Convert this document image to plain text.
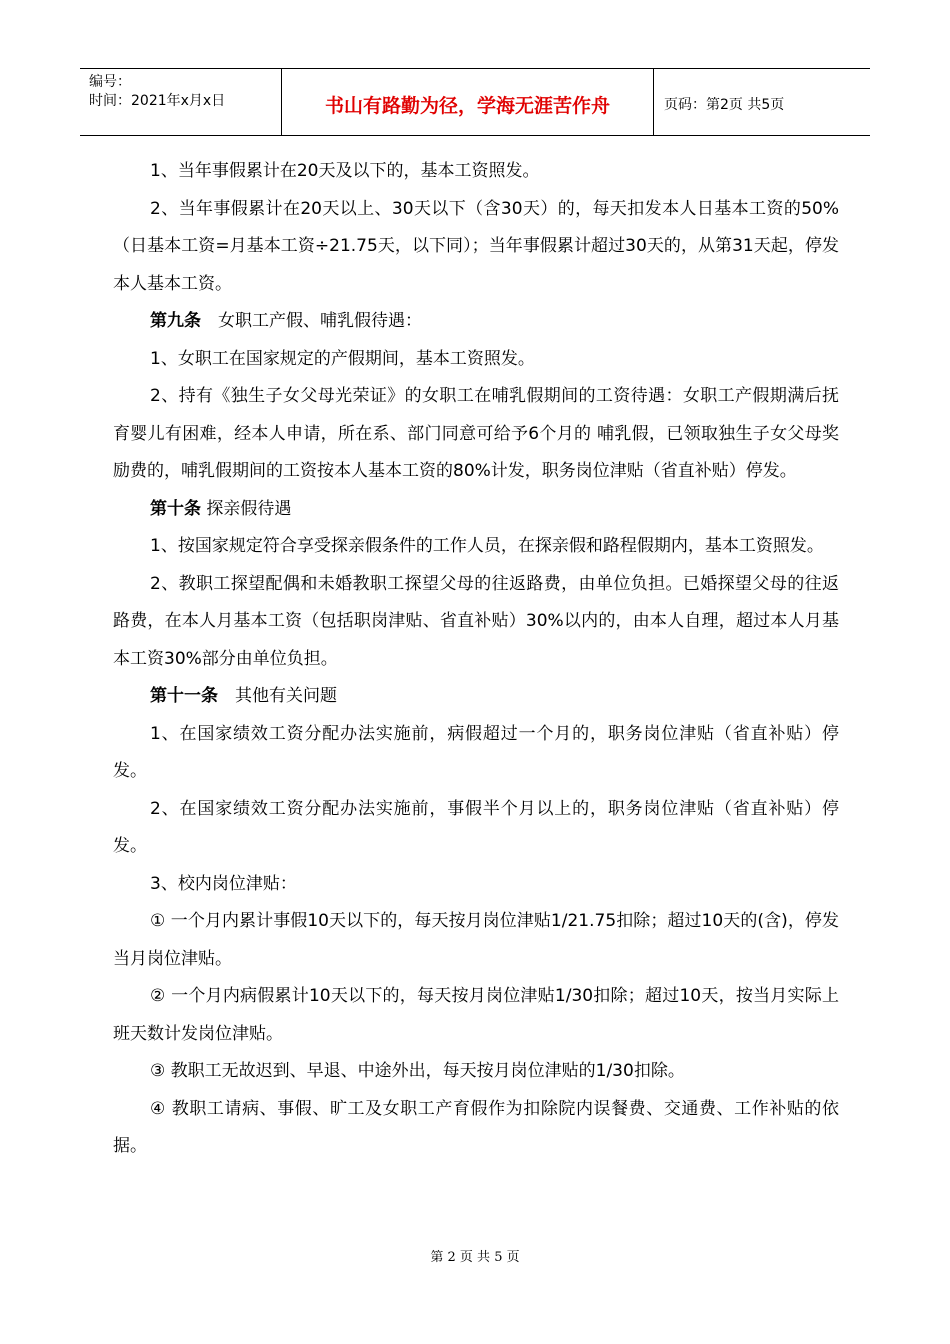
编号：
时间：2021年x月x日	书山有路勤为径，学海无涯苦作舟	页码：第2页 共5页

1、当年事假累计在20天及以下的，基本工资照发。

2、当年事假累计在20天以上、30天以下（含30天）的，每天扣发本人日基本工资的50%（日基本工资=月基本工资÷21.75天，以下同）；当年事假累计超过30天的，从第31天起，停发本人基本工资。

第九条　女职工产假、哺乳假待遇：

1、女职工在国家规定的产假期间，基本工资照发。

2、持有《独生子女父母光荣证》的女职工在哺乳假期间的工资待遇：女职工产假期满后抚育婴儿有困难，经本人申请，所在系、部门同意可给予6个月的 哺乳假，已领取独生子女父母奖励费的，哺乳假期间的工资按本人基本工资的80%计发，职务岗位津贴（省直补贴）停发。

第十条 探亲假待遇

1、按国家规定符合享受探亲假条件的工作人员，在探亲假和路程假期内，基本工资照发。

2、教职工探望配偶和未婚教职工探望父母的往返路费，由单位负担。已婚探望父母的往返路费，在本人月基本工资（包括职岗津贴、省直补贴）30%以内的，由本人自理，超过本人月基本工资30%部分由单位负担。

第十一条　其他有关问题

1、在国家绩效工资分配办法实施前，病假超过一个月的，职务岗位津贴（省直补贴）停发。

2、在国家绩效工资分配办法实施前，事假半个月以上的，职务岗位津贴（省直补贴）停发。

3、校内岗位津贴：

① 一个月内累计事假10天以下的，每天按月岗位津贴1/21.75扣除；超过10天的(含)，停发当月岗位津贴。

② 一个月内病假累计10天以下的，每天按月岗位津贴1/30扣除；超过10天，按当月实际上班天数计发岗位津贴。

③ 教职工无故迟到、早退、中途外出，每天按月岗位津贴的1/30扣除。

④ 教职工请病、事假、旷工及女职工产育假作为扣除院内误餐费、交通费、工作补贴的依据。

第 2 页 共 5 页
